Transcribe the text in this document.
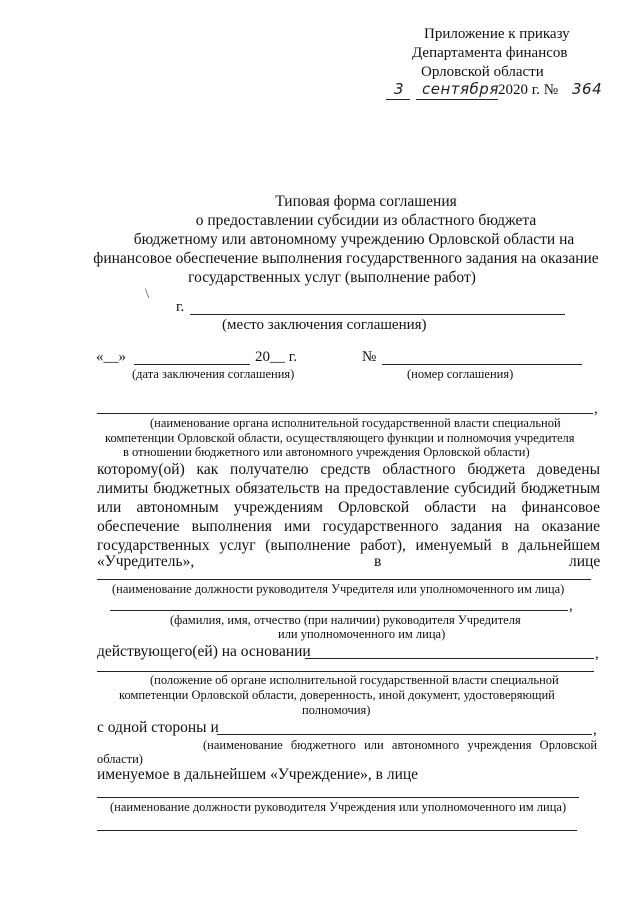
Приложение к приказу
Департамента финансов
Орловской области
3 сентября 2020 г. № 364
Типовая форма соглашения
о предоставлении субсидии из областного бюджета
бюджетному или автономному учреждению Орловской области на
финансовое обеспечение выполнения государственного задания на оказание
государственных услуг (выполнение работ)
\
г.
(место заключения соглашения)
«__»	20__ г.	№
(дата заключения соглашения)	(номер соглашения)
,
(наименование органа исполнительной государственной власти специальной
компетенции Орловской области, осуществляющего функции и полномочия учредителя
в отношении бюджетного или автономного учреждения Орловской области)
которому(ой) как получателю средств областного бюджета доведены
лимиты бюджетных обязательств на предоставление субсидий бюджетным
или автономным учреждениям Орловской области на финансовое
обеспечение выполнения ими государственного задания на оказание
государственных услуг (выполнение работ), именуемый в дальнейшем
«Учредитель»,	в	лице
(наименование должности руководителя Учредителя или уполномоченного им лица)
,
(фамилия, имя, отчество (при наличии) руководителя Учредителя
или уполномоченного им лица)
действующего(ей) на основании	,
(положение об органе исполнительной государственной власти специальной
компетенции Орловской области, доверенность, иной документ, удостоверяющий
полномочия)
с одной стороны и	,
(наименование бюджетного или автономного учреждения Орловской
области)
именуемое в дальнейшем «Учреждение», в лице
(наименование должности руководителя Учреждения или уполномоченного им лица)
